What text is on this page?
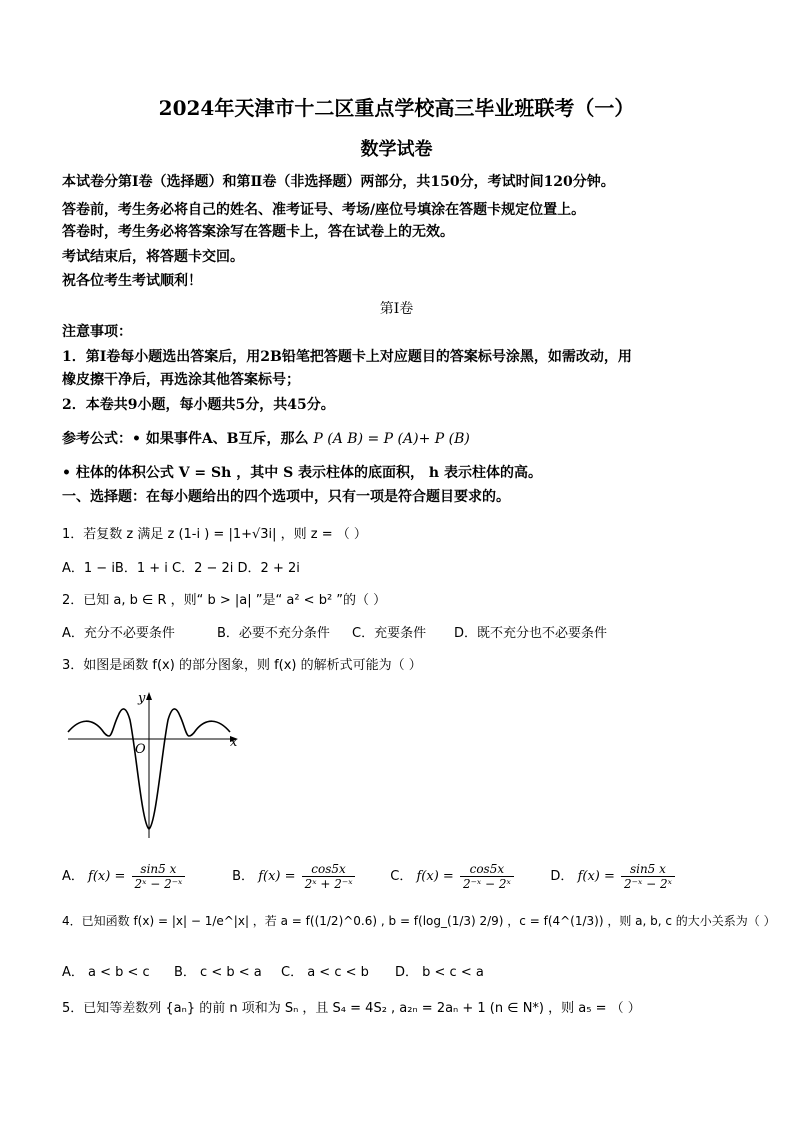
2024年天津市十二区重点学校高三毕业班联考（一）
数学试卷
本试卷分第Ⅰ卷（选择题）和第Ⅱ卷（非选择题）两部分，共150分，考试时间120分钟。
答卷前，考生务必将自己的姓名、准考证号、考场/座位号填涂在答题卡规定位置上。
答卷时，考生务必将答案涂写在答题卡上，答在试卷上的无效。
考试结束后，将答题卡交回。
祝各位考生考试顺利！
第Ⅰ卷
注意事项：
1．第Ⅰ卷每小题选出答案后，用2B铅笔把答题卡上对应题目的答案标号涂黑，如需改动，用
橡皮擦干净后，再选涂其他答案标号；
2．本卷共9小题，每小题共5分，共45分。
参考公式：• 如果事件A、B互斥，那么 P (A B) = P (A)+ P (B)
• 柱体的体积公式 V = Sh ，其中 S 表示柱体的底面积， h 表示柱体的高。
一、选择题：在每小题给出的四个选项中，只有一项是符合题目要求的。
1．若复数 z 满足 z (1-i ) = |1+√3i| ，则 z = （ ）
A．1 − iB．1 + i C．2 − 2i D．2 + 2i
2．已知 a, b ∈ R ，则“ b > |a| ”是“ a² < b² ”的（ ）
A．充分不必要条件	B．必要不充分条件 C．充要条件 D．既不充分也不必要条件
3．如图是函数 f(x) 的部分图象，则 f(x) 的解析式可能为（ ）
y
x
O
A． $f(x) = \frac{\sin 5 x}{\text{2ˣ − 2⁻ˣ}}$	B． $f(x) = \frac{\cos 5x}{\text{2ˣ + 2⁻ˣ}}$	C． $f(x) = \frac{\cos 5x}{\text{2⁻ˣ − 2ˣ}}$	D． $f(x) = \frac{\sin 5 x}{\text{2⁻ˣ − 2ˣ}}$
4．已知函数 f(x) = |x| − 1/e^|x| ，若 a = f((1/2)^0.6) , b = f(log_(1/3) 2/9) ，c = f(4^(1/3)) ，则 a, b, c 的大小关系为（ ）
A． a < b < c B． c < b < a C． a < c < b D． b < c < a
5．已知等差数列 {aₙ} 的前 n 项和为 Sₙ ，且 S₄ = 4S₂ , a₂ₙ = 2aₙ + 1 (n ∈ N*) ，则 a₅ = （ ）
